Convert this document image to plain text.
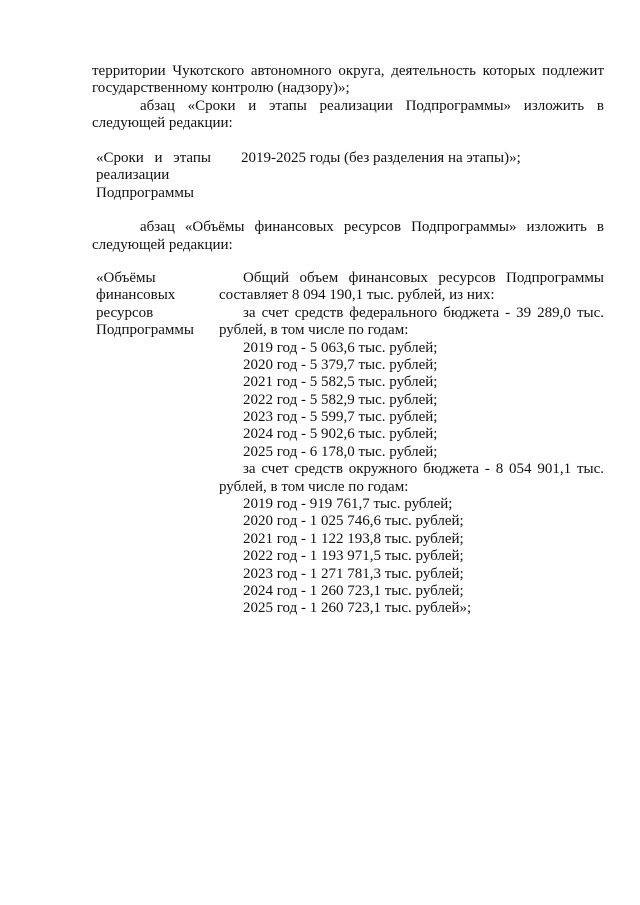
территории Чукотского автономного округа, деятельность которых подлежит
государственному контролю (надзору)»;
абзац «Сроки и этапы реализации Подпрограммы» изложить в
следующей редакции:
«Сроки и этапы
реализации
Подпрограммы
2019-2025 годы (без разделения на этапы)»;
абзац «Объёмы финансовых ресурсов Подпрограммы» изложить в
следующей редакции:
«Объёмы
финансовых
ресурсов
Подпрограммы
Общий объем финансовых ресурсов Подпрограммы
составляет 8 094 190,1 тыс. рублей, из них:
за счет средств федерального бюджета - 39 289,0 тыс.
рублей, в том числе по годам:
2019 год - 5 063,6 тыс. рублей;
2020 год - 5 379,7 тыс. рублей;
2021 год - 5 582,5 тыс. рублей;
2022 год - 5 582,9 тыс. рублей;
2023 год - 5 599,7 тыс. рублей;
2024 год - 5 902,6 тыс. рублей;
2025 год - 6 178,0 тыс. рублей;
за счет средств окружного бюджета - 8 054 901,1 тыс.
рублей, в том числе по годам:
2019 год - 919 761,7 тыс. рублей;
2020 год - 1 025 746,6 тыс. рублей;
2021 год - 1 122 193,8 тыс. рублей;
2022 год - 1 193 971,5 тыс. рублей;
2023 год - 1 271 781,3 тыс. рублей;
2024 год - 1 260 723,1 тыс. рублей;
2025 год - 1 260 723,1 тыс. рублей»;
